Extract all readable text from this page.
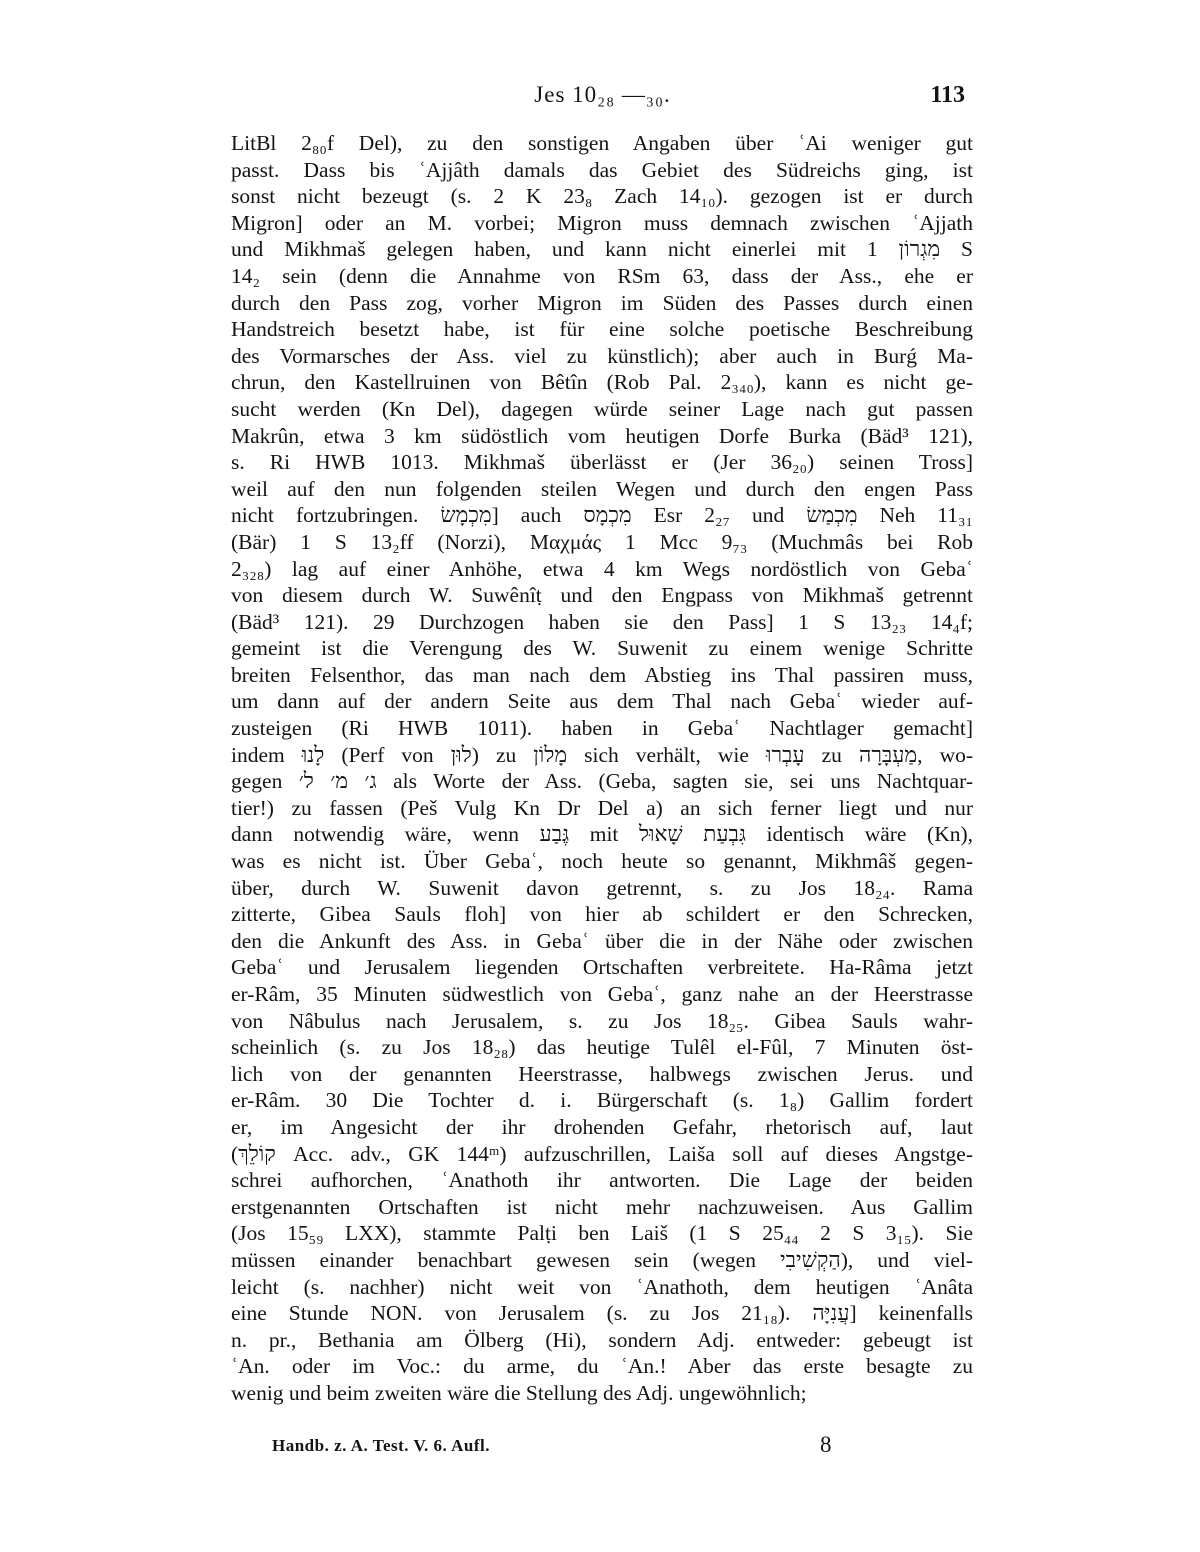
Jes 10₂₈ —₃₀.	113
LitBl 2₈₀f Del), zu den sonstigen Angaben über ʿAi weniger gut
passt. Dass bis ʿAjjâth damals das Gebiet des Südreichs ging, ist
sonst nicht bezeugt (s. 2 K 23₈ Zach 14₁₀). gezogen ist er durch
Migron] oder an M. vorbei; Migron muss demnach zwischen ʿAjjath
und Mikhmaš gelegen haben, und kann nicht einerlei mit מִגְרוֹן 1 S
14₂ sein (denn die Annahme von RSm 63, dass der Ass., ehe er
durch den Pass zog, vorher Migron im Süden des Passes durch einen
Handstreich besetzt habe, ist für eine solche poetische Beschreibung
des Vormarsches der Ass. viel zu künstlich); aber auch in Burǵ Ma-
chrun, den Kastellruinen von Bêtîn (Rob Pal. 2₃₄₀), kann es nicht ge-
sucht werden (Kn Del), dagegen würde seiner Lage nach gut passen
Makrûn, etwa 3 km südöstlich vom heutigen Dorfe Burka (Bäd³ 121),
s. Ri HWB 1013. Mikhmaš überlässt er (Jer 36₂₀) seinen Tross]
weil auf den nun folgenden steilen Wegen und durch den engen Pass
nicht fortzubringen. מִכְמָשׂ] auch מִכְמָס Esr 2₂₇ und מִכְמַשׂ Neh 11₃₁
(Bär) 1 S 13₂ff (Norzi), Μαχμάς 1 Mcc 9₇₃ (Muchmâs bei Rob
2₃₂₈) lag auf einer Anhöhe, etwa 4 km Wegs nordöstlich von Gebaʿ
von diesem durch W. Suwênîṭ und den Engpass von Mikhmaš getrennt
(Bäd³ 121). 29 Durchzogen haben sie den Pass] 1 S 13₂₃ 14₄f;
gemeint ist die Verengung des W. Suwenit zu einem wenige Schritte
breiten Felsenthor, das man nach dem Abstieg ins Thal passiren muss,
um dann auf der andern Seite aus dem Thal nach Gebaʿ wieder auf-
zusteigen (Ri HWB 1011). haben in Gebaʿ Nachtlager gemacht]
indem לָנוּ (Perf von לוּן) zu מָלוֹן sich verhält, wie עָבְרוּ zu מַעְבָּרָה, wo-
gegen ג׳ מ׳ ל׳ als Worte der Ass. (Geba, sagten sie, sei uns Nachtquar-
tier!) zu fassen (Peš Vulg Kn Dr Del a) an sich ferner liegt und nur
dann notwendig wäre, wenn גֶּבַע mit גִּבְעַת שָׁאוּל identisch wäre (Kn),
was es nicht ist. Über Gebaʿ, noch heute so genannt, Mikhmâš gegen-
über, durch W. Suwenit davon getrennt, s. zu Jos 18₂₄. Rama
zitterte, Gibea Sauls floh] von hier ab schildert er den Schrecken,
den die Ankunft des Ass. in Gebaʿ über die in der Nähe oder zwischen
Gebaʿ und Jerusalem liegenden Ortschaften verbreitete. Ha-Râma jetzt
er-Râm, 35 Minuten südwestlich von Gebaʿ, ganz nahe an der Heerstrasse
von Nâbulus nach Jerusalem, s. zu Jos 18₂₅. Gibea Sauls wahr-
scheinlich (s. zu Jos 18₂₈) das heutige Tulêl el-Fûl, 7 Minuten öst-
lich von der genannten Heerstrasse, halbwegs zwischen Jerus. und
er-Râm. 30 Die Tochter d. i. Bürgerschaft (s. 1₈) Gallim fordert
er, im Angesicht der ihr drohenden Gefahr, rhetorisch auf, laut
(קוֹלֵךְ Acc. adv., GK 144ᵐ) aufzuschrillen, Laiša soll auf dieses Angstge-
schrei aufhorchen, ʿAnathoth ihr antworten. Die Lage der beiden
erstgenannten Ortschaften ist nicht mehr nachzuweisen. Aus Gallim
(Jos 15₅₉ LXX), stammte Palṭi ben Laiš (1 S 25₄₄ 2 S 3₁₅). Sie
müssen einander benachbart gewesen sein (wegen הַקְשִׁיבִי), und viel-
leicht (s. nachher) nicht weit von ʿAnathoth, dem heutigen ʿAnâta
eine Stunde NON. von Jerusalem (s. zu Jos 21₁₈). עֲנִיָּה] keinenfalls
n. pr., Bethania am Ölberg (Hi), sondern Adj. entweder: gebeugt ist
ʿAn. oder im Voc.: du arme, du ʿAn.! Aber das erste besagte zu
wenig und beim zweiten wäre die Stellung des Adj. ungewöhnlich;
Handb. z. A. Test. V. 6. Aufl.	8
